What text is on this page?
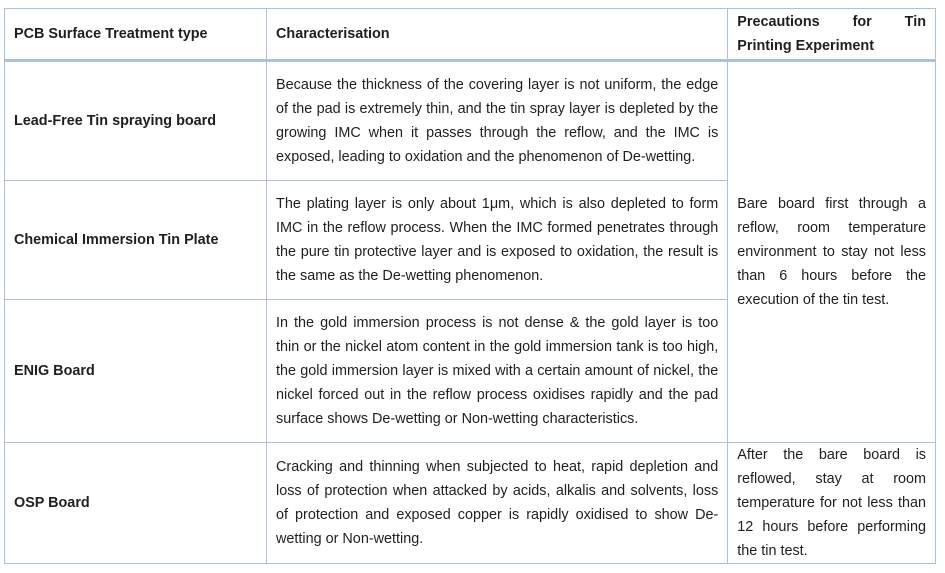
PCB Surface Treatment type	Characterisation	Precautions for Tin Printing Experiment
Lead-Free Tin spraying board	Because the thickness of the covering layer is not uniform, the edge of the pad is extremely thin, and the tin spray layer is depleted by the growing IMC when it passes through the reflow, and the IMC is exposed, leading to oxidation and the phenomenon of De-wetting.	Bare board first through a reflow, room temperature environment to stay not less than 6 hours before the execution of the tin test.
Chemical Immersion Tin Plate	The plating layer is only about 1μm, which is also depleted to form IMC in the reflow process. When the IMC formed penetrates through the pure tin protective layer and is exposed to oxidation, the result is the same as the De-wetting phenomenon.	
ENIG Board	In the gold immersion process is not dense & the gold layer is too thin or the nickel atom content in the gold immersion tank is too high, the gold immersion layer is mixed with a certain amount of nickel, the nickel forced out in the reflow process oxidises rapidly and the pad surface shows De-wetting or Non-wetting characteristics.	
OSP Board	Cracking and thinning when subjected to heat, rapid depletion and loss of protection when attacked by acids, alkalis and solvents, loss of protection and exposed copper is rapidly oxidised to show De-wetting or Non-wetting.	After the bare board is reflowed, stay at room temperature for not less than 12 hours before performing the tin test.
